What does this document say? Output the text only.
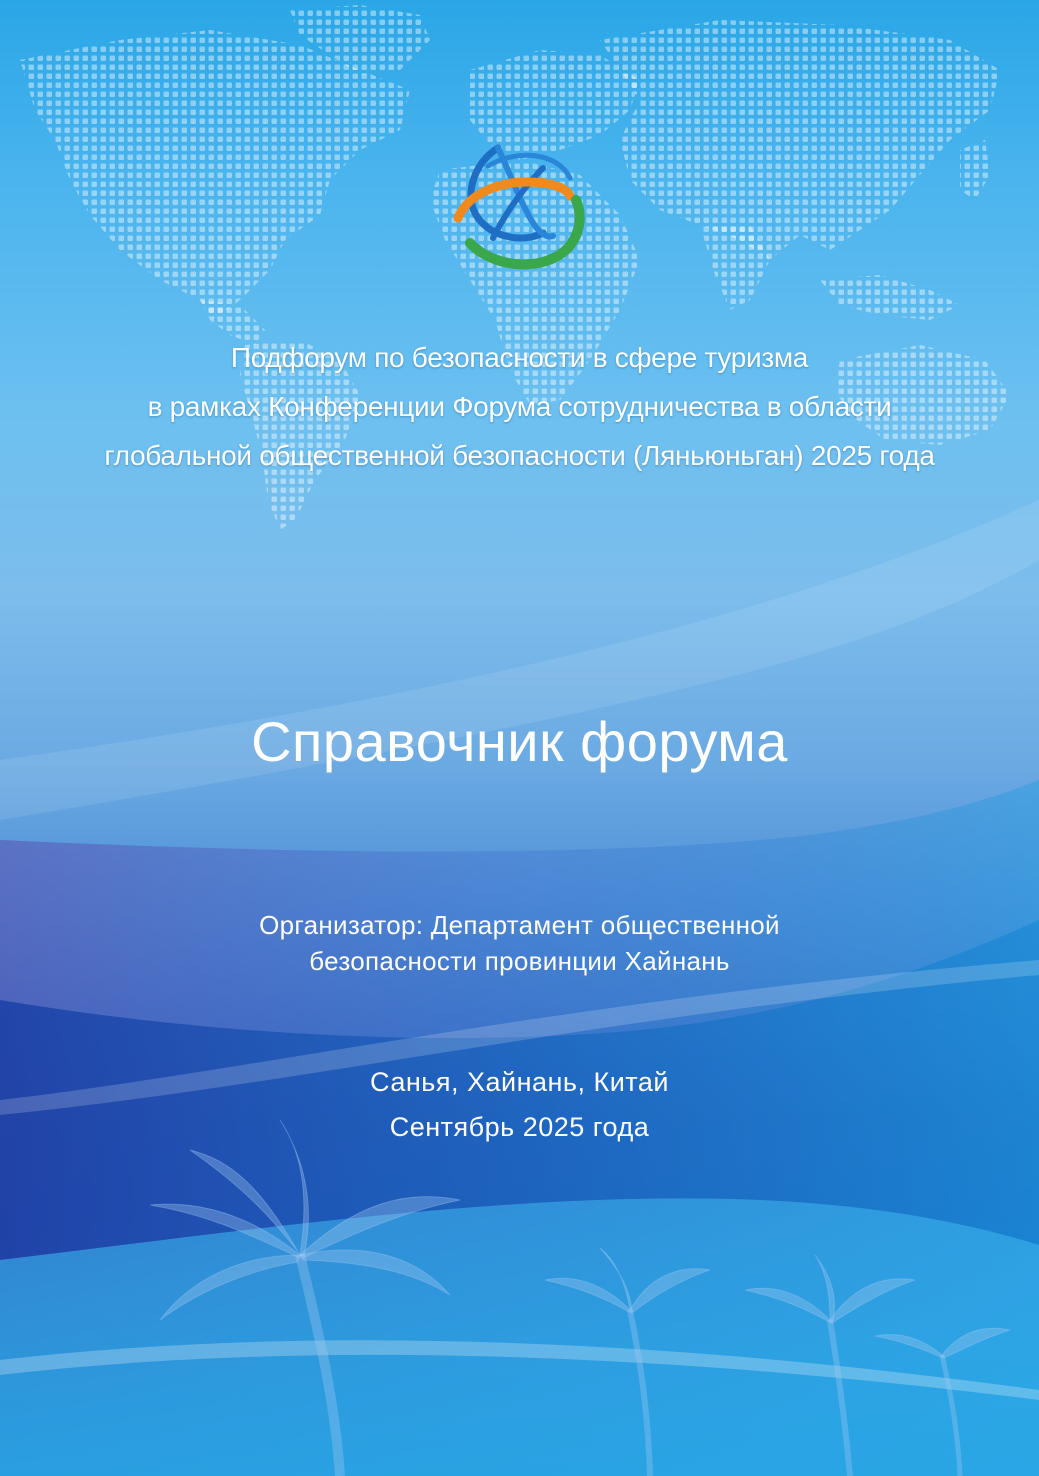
Подфорум по безопасности в сфере туризма
в рамках Конференции Форума сотрудничества в области
глобальной общественной безопасности (Ляньюньган) 2025 года
Справочник форума
Организатор: Департамент общественной
безопасности провинции Хайнань
Санья, Хайнань, Китай
Сентябрь 2025 года
